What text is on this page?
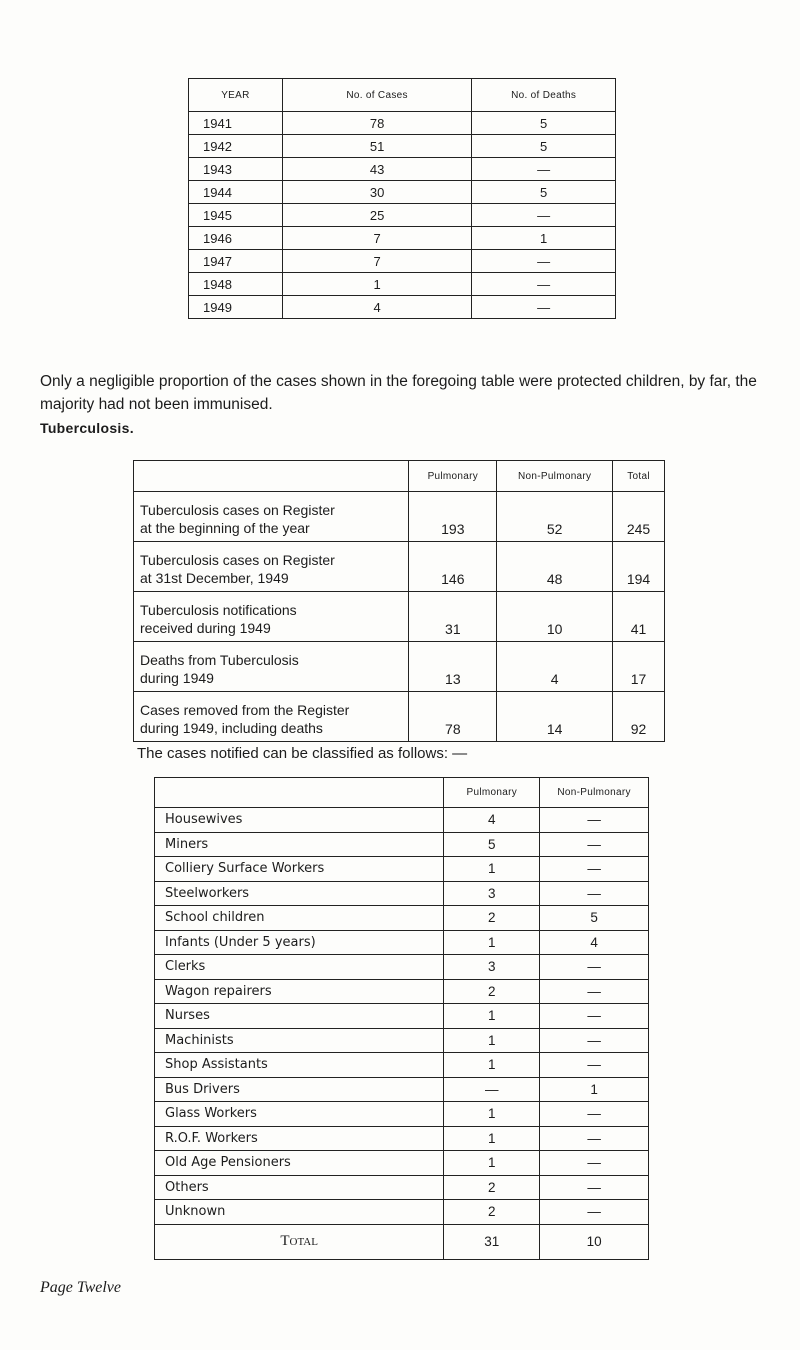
YEAR	No. of Cases	No. of Deaths
1941	78	5
1942	51	5
1943	43	—
1944	30	5
1945	25	—
1946	7	1
1947	7	—
1948	1	—
1949	4	—
Only a negligible proportion of the cases shown in the foregoing table were protected children, by far, the majority had not been immunised.
Tuberculosis.
	Pulmonary	Non-Pulmonary	Total

Tuberculosis cases on Register
at the beginning of the year	193	52	245

Tuberculosis cases on Register
at 31st December, 1949	146	48	194

Tuberculosis notifications
received during 1949	31	10	41

Deaths from Tuberculosis
during 1949	13	4	17

Cases removed from the Register
during 1949, including deaths	78	14	92
The cases notified can be classified as follows: —
	Pulmonary	Non-Pulmonary
Housewives	4	—
Miners	5	—
Colliery Surface Workers	1	—
Steelworkers	3	—
School children	2	5
Infants (Under 5 years)	1	4
Clerks	3	—
Wagon repairers	2	—
Nurses	1	—
Machinists	1	—
Shop Assistants	1	—
Bus Drivers	—	1
Glass Workers	1	—
R.O.F. Workers	1	—
Old Age Pensioners	1	—
Others	2	—
Unknown	2	—
Total	31	10
Page Twelve
